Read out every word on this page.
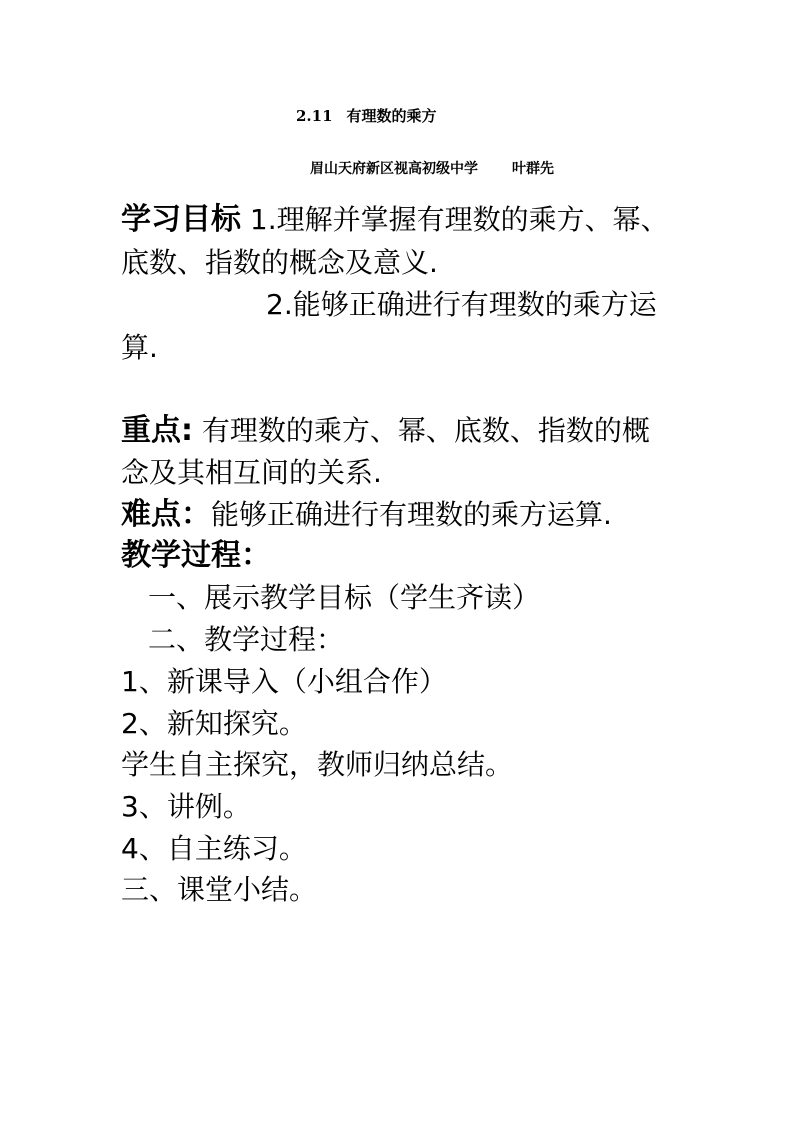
2.11 有理数的乘方
眉山天府新区视高初级中学 叶群先
学习目标 1.理解并掌握有理数的乘方、幂、
底数、指数的概念及意义.
2.能够正确进行有理数的乘方运
算.
重点: 有理数的乘方、幂、底数、指数的概
念及其相互间的关系.
难点：能够正确进行有理数的乘方运算.
教学过程：
一、展示教学目标（学生齐读）
二、教学过程：
1、新课导入（小组合作）
2、新知探究。
学生自主探究，教师归纳总结。
3、讲例。
4、自主练习。
三、课堂小结。
